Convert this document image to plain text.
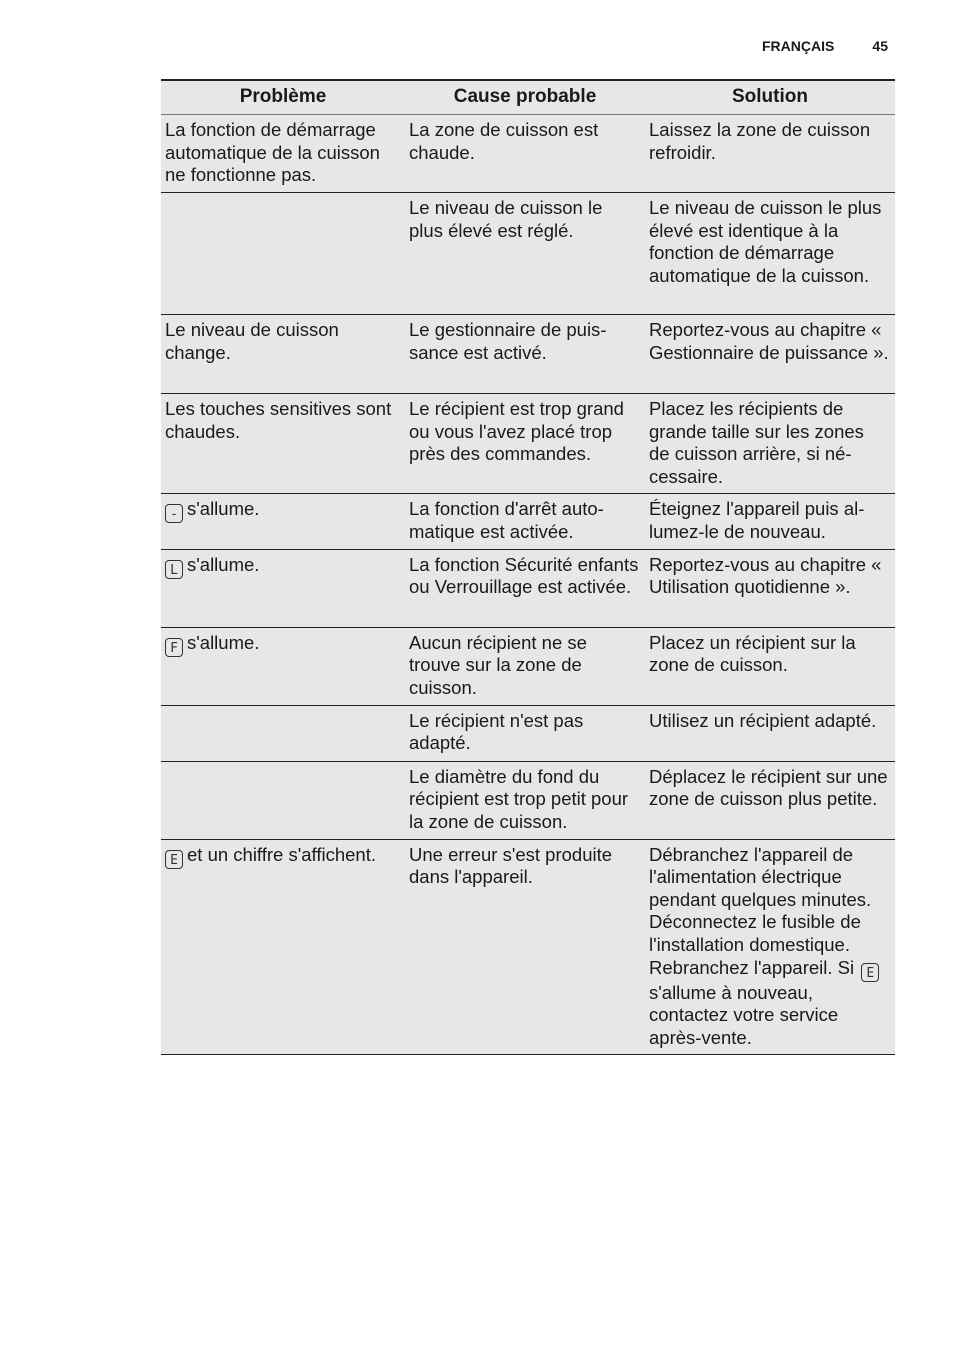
FRANÇAIS	45
Problème	Cause probable	Solution
La fonction de démarrage automatique de la cuisson ne fonctionne pas.	La zone de cuisson est chaude.	Laissez la zone de cuisson refroidir.
	Le niveau de cuisson le plus élevé est réglé.	Le niveau de cuisson le plus élevé est identique à la fonction de démarrage automatique de la cuisson.
Le niveau de cuisson change.	Le gestionnaire de puissance est activé.	Reportez-vous au chapitre « Gestionnaire de puissance ».
Les touches sensitives sont chaudes.	Le récipient est trop grand ou vous l'avez placé trop près des commandes.	Placez les récipients de grande taille sur les zones de cuisson arrière, si nécessaire.
- s'allume.	La fonction d'arrêt automatique est activée.	Éteignez l'appareil puis allumez-le de nouveau.
L s'allume.	La fonction Sécurité enfants ou Verrouillage est activée.	Reportez-vous au chapitre « Utilisation quotidienne ».
F s'allume.	Aucun récipient ne se trouve sur la zone de cuisson.	Placez un récipient sur la zone de cuisson.
	Le récipient n'est pas adapté.	Utilisez un récipient adapté.
	Le diamètre du fond du récipient est trop petit pour la zone de cuisson.	Déplacez le récipient sur une zone de cuisson plus petite.
E et un chiffre s'affichent.	Une erreur s'est produite dans l'appareil.	Débranchez l'appareil de l'alimentation électrique pendant quelques minutes. Déconnectez le fusible de l'installation domestique. Rebranchez l'appareil. Si E s'allume à nouveau, contactez votre service après-vente.
